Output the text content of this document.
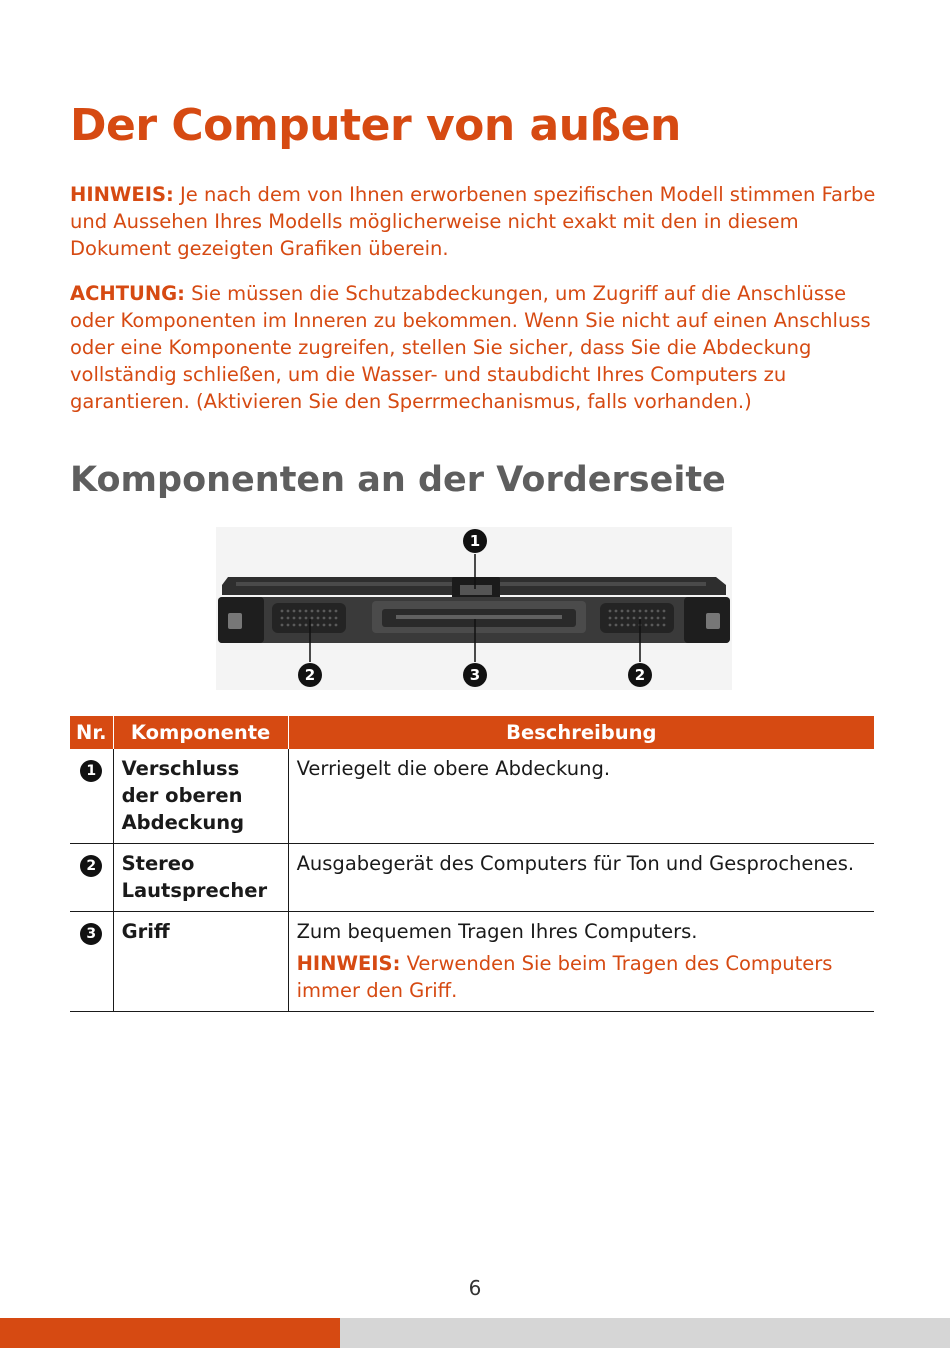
Der Computer von außen

HINWEIS: Je nach dem von Ihnen erworbenen spezifischen Modell stimmen Farbe und Aussehen Ihres Modells möglicherweise nicht exakt mit den in diesem Dokument gezeigten Grafiken überein.

ACHTUNG: Sie müssen die Schutzabdeckungen, um Zugriff auf die Anschlüsse oder Komponenten im Inneren zu bekommen. Wenn Sie nicht auf einen Anschluss oder eine Komponente zugreifen, stellen Sie sicher, dass Sie die Abdeckung vollständig schließen, um die Wasser- und staubdicht Ihres Computers zu garantieren. (Aktivieren Sie den Sperrmechanismus, falls vorhanden.)

Komponenten an der Vorderseite
1
2	3	2
Nr.	Komponente	Beschreibung
1	Verschluss der oberen Abdeckung	Verriegelt die obere Abdeckung.
2	Stereo Lautsprecher	Ausgabegerät des Computers für Ton und Gesprochenes.
3	Griff	Zum bequemen Tragen Ihres Computers.
HINWEIS: Verwenden Sie beim Tragen des Computers immer den Griff.
6
